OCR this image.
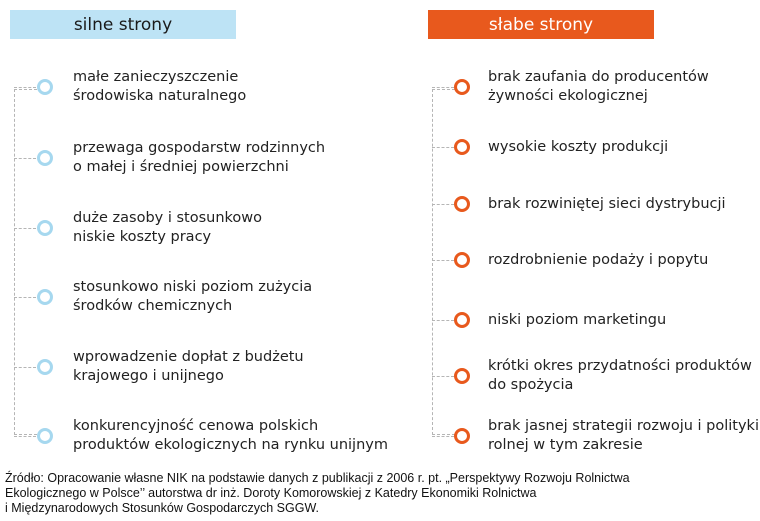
silne strony	słabe strony
małe zanieczyszczenie
środowiska naturalnego
przewaga gospodarstw rodzinnych
o małej i średniej powierzchni
duże zasoby i stosunkowo
niskie koszty pracy
stosunkowo niski poziom zużycia
środków chemicznych
wprowadzenie dopłat z budżetu
krajowego i unijnego
konkurencyjność cenowa polskich
produktów ekologicznych na rynku unijnym
brak zaufania do producentów
żywności ekologicznej
wysokie koszty produkcji
brak rozwiniętej sieci dystrybucji
rozdrobnienie podaży i popytu
niski poziom marketingu
krótki okres przydatności produktów
do spożycia
brak jasnej strategii rozwoju i polityki
rolnej w tym zakresie
Źródło: Opracowanie własne NIK na podstawie danych z publikacji z 2006 r. pt. „Perspektywy Rozwoju Rolnictwa
Ekologicznego w Polsce’’ autorstwa dr inż. Doroty Komorowskiej z Katedry Ekonomiki Rolnictwa
i Międzynarodowych Stosunków Gospodarczych SGGW.
